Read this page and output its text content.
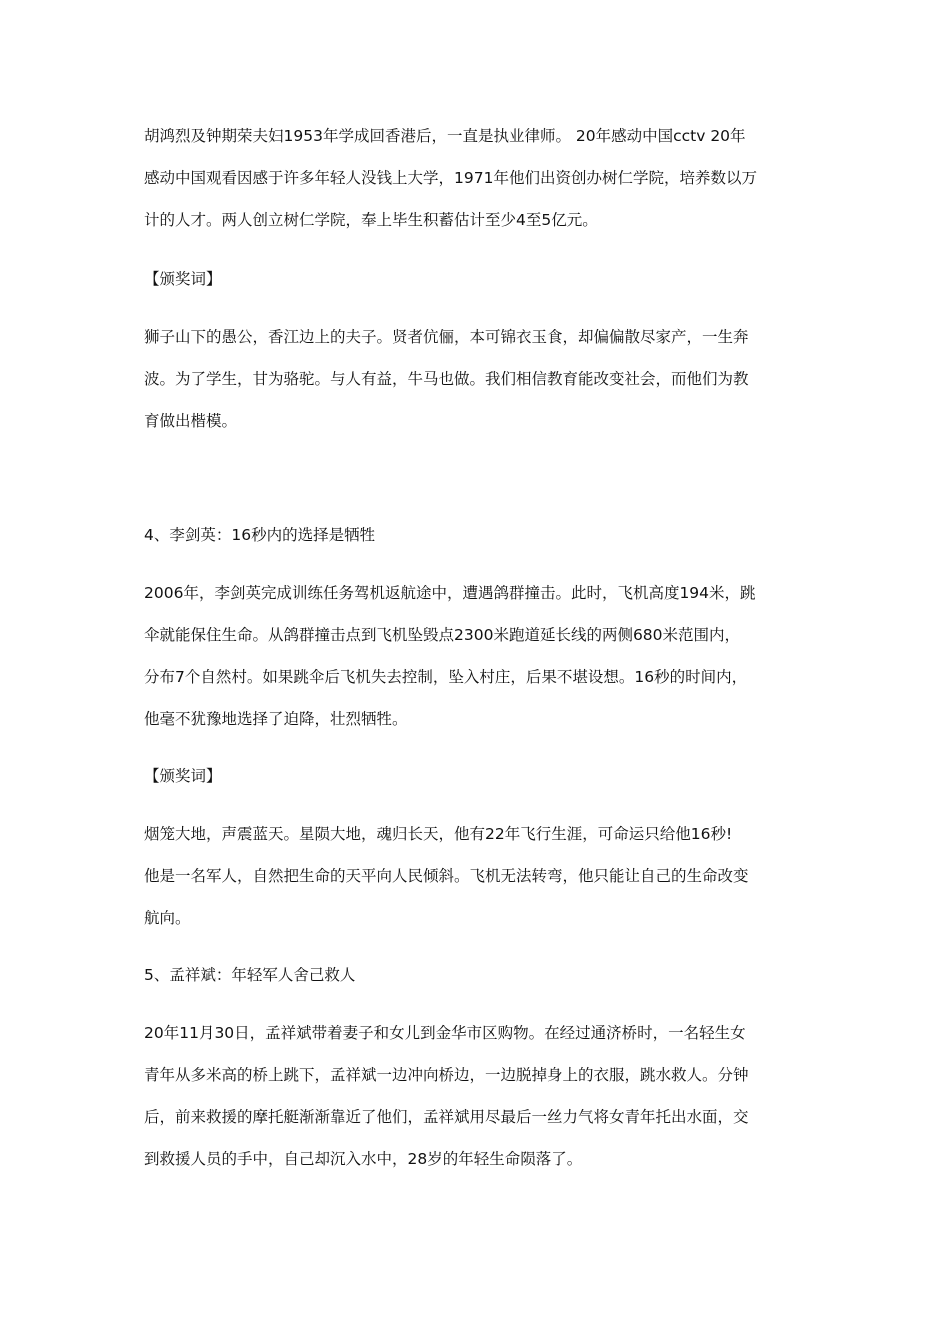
胡鸿烈及钟期荣夫妇1953年学成回香港后，一直是执业律师。 20年感动中国cctv 20年
感动中国观看因感于许多年轻人没钱上大学，1971年他们出资创办树仁学院，培养数以万
计的人才。两人创立树仁学院，奉上毕生积蓄估计至少4至5亿元。
【颁奖词】
狮子山下的愚公，香江边上的夫子。贤者伉俪，本可锦衣玉食，却偏偏散尽家产，一生奔
波。为了学生，甘为骆驼。与人有益，牛马也做。我们相信教育能改变社会，而他们为教
育做出楷模。
4、李剑英：16秒内的选择是牺牲
2006年，李剑英完成训练任务驾机返航途中，遭遇鸽群撞击。此时，飞机高度194米，跳
伞就能保住生命。从鸽群撞击点到飞机坠毁点2300米跑道延长线的两侧680米范围内，
分布7个自然村。如果跳伞后飞机失去控制，坠入村庄，后果不堪设想。16秒的时间内，
他毫不犹豫地选择了迫降，壮烈牺牲。
【颁奖词】
烟笼大地，声震蓝天。星陨大地，魂归长天，他有22年飞行生涯，可命运只给他16秒!
他是一名军人，自然把生命的天平向人民倾斜。飞机无法转弯，他只能让自己的生命改变
航向。
5、孟祥斌：年轻军人舍己救人
20年11月30日，孟祥斌带着妻子和女儿到金华市区购物。在经过通济桥时，一名轻生女
青年从多米高的桥上跳下，孟祥斌一边冲向桥边，一边脱掉身上的衣服，跳水救人。分钟
后，前来救援的摩托艇渐渐靠近了他们，孟祥斌用尽最后一丝力气将女青年托出水面，交
到救援人员的手中，自己却沉入水中，28岁的年轻生命陨落了。
